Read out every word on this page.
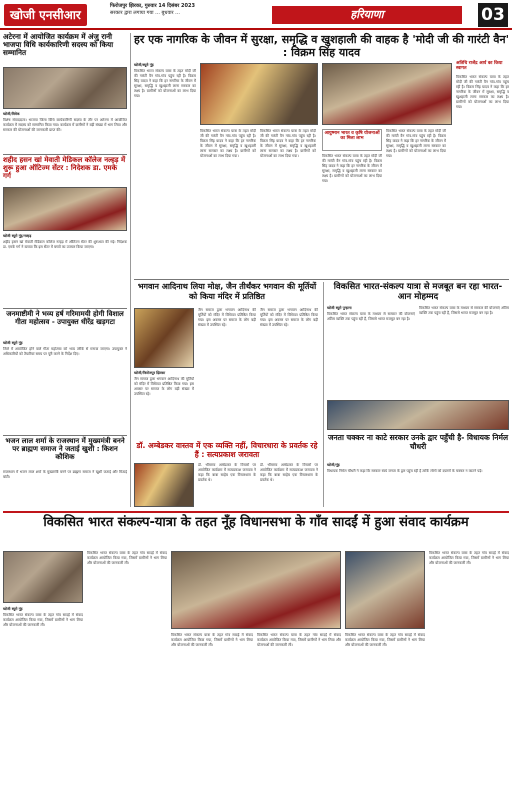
खोजी एनसीआर
फिरोजपुर झिरका, गुरुवार 14 दिसंबर 2023
सरकार द्वारा लगाया गया ... बुधवार ...	हरियाणा	03
अटेरना में आयोजित कार्यक्रम में अंजु रानी भाजपा विधि कार्यकारिणी सदस्य को किया सम्मानित
खोजी/विवेक
विशेष संवाददाता। भाजपा जिला विधि कार्यकारिणी सदस्य के तौर पर अटेरना में आयोजित कार्यक्रम में सदस्य को सम्मानित किया गया। कार्यक्रम में ग्रामीणों ने बड़ी संख्या में भाग लिया और सरकार की योजनाओं की जानकारी प्राप्त की।
शहीद हसन खां मेवाती मेडिकल कॉलेज नल्हड़ में शुरू हुआ ऑटिज्म सेंटर : निदेशक डा. एमके गर्ग
खोजी ब्यूरो नूंह/नल्हड़
शहीद हसन खां मेवाती मेडिकल कॉलेज नल्हड़ में ऑटिज्म सेंटर की शुरुआत की गई। निदेशक डा. एमके गर्ग ने बताया कि इस सेंटर में बच्चों का उपचार किया जाएगा।
जनमाष्टीमी ने भव्य हर्ष गरिमामयी होगी विशाल गीता महोत्सव - उपायुक्त धीरेंद्र खड़गटा
खोजी ब्यूरो नूंह
जिले में आयोजित होने वाले गीता महोत्सव को भव्य तरीके से मनाया जाएगा। उपायुक्त ने अधिकारियों को तैयारियां समय पर पूरी करने के निर्देश दिए।
भजन लाल शर्मा के राजस्थान में मुख्यमंत्री बनने पर ब्राह्मण समाज ने जताई खुशी : किशन कौशिक
राजस्थान में भजन लाल शर्मा के मुख्यमंत्री बनने पर ब्राह्मण समाज ने खुशी जताई और मिठाई बांटी।
हर एक नागरिक के जीवन में सुरक्षा, समृद्धि व खुशहाली की वाहक है 'मोदी जी की गारंटी वैन' : विक्रम सिंह यादव
खोजी/ब्यूरो नूंह
विकसित भारत संकल्प यात्रा के तहत मोदी जी की गारंटी वैन गांव-गांव पहुंच रही है। विक्रम सिंह यादव ने कहा कि हर नागरिक के जीवन में सुरक्षा, समृद्धि व खुशहाली लाना सरकार का लक्ष्य है। ग्रामीणों को योजनाओं का लाभ दिया गया।
विकसित भारत संकल्प यात्रा के तहत मोदी जी की गारंटी वैन गांव-गांव पहुंच रही है। विक्रम सिंह यादव ने कहा कि हर नागरिक के जीवन में सुरक्षा, समृद्धि व खुशहाली लाना सरकार का लक्ष्य है। ग्रामीणों को योजनाओं का लाभ दिया गया।
विकसित भारत संकल्प यात्रा के तहत मोदी जी की गारंटी वैन गांव-गांव पहुंच रही है। विक्रम सिंह यादव ने कहा कि हर नागरिक के जीवन में सुरक्षा, समृद्धि व खुशहाली लाना सरकार का लक्ष्य है। ग्रामीणों को योजनाओं का लाभ दिया गया।
आयुष्मान भारत व कृषि योजनाओं का मिला लाभ
विकसित भारत संकल्प यात्रा के तहत मोदी जी की गारंटी वैन गांव-गांव पहुंच रही है। विक्रम सिंह यादव ने कहा कि हर नागरिक के जीवन में सुरक्षा, समृद्धि व खुशहाली लाना सरकार का लक्ष्य है। ग्रामीणों को योजनाओं का लाभ दिया गया।
विकसित भारत संकल्प यात्रा के तहत मोदी जी की गारंटी वैन गांव-गांव पहुंच रही है। विक्रम सिंह यादव ने कहा कि हर नागरिक के जीवन में सुरक्षा, समृद्धि व खुशहाली लाना सरकार का लक्ष्य है। ग्रामीणों को योजनाओं का लाभ दिया गया।
अतिथि राजेंद्र आर्य का किया स्वागत
विकसित भारत संकल्प यात्रा के तहत मोदी जी की गारंटी वैन गांव-गांव पहुंच रही है। विक्रम सिंह यादव ने कहा कि हर नागरिक के जीवन में सुरक्षा, समृद्धि व खुशहाली लाना सरकार का लक्ष्य है। ग्रामीणों को योजनाओं का लाभ दिया गया।
भगवान आदिनाथ लिया मोक्ष, जैन तीर्थंकर भगवान की मूर्तियों को किया मंदिर में प्रतिष्ठित
खोजी/फिरोजपुर झिरका
जैन समाज द्वारा भगवान आदिनाथ की मूर्तियों को मंदिर में विधिवत प्रतिष्ठित किया गया। इस अवसर पर समाज के लोग बड़ी संख्या में उपस्थित रहे।
जैन समाज द्वारा भगवान आदिनाथ की मूर्तियों को मंदिर में विधिवत प्रतिष्ठित किया गया। इस अवसर पर समाज के लोग बड़ी संख्या में उपस्थित रहे।
जैन समाज द्वारा भगवान आदिनाथ की मूर्तियों को मंदिर में विधिवत प्रतिष्ठित किया गया। इस अवसर पर समाज के लोग बड़ी संख्या में उपस्थित रहे।
विकसित भारत-संकल्प यात्रा से मजबूत बन रहा भारत- आन मोहम्मद
खोजी ब्यूरो पुन्हाना
विकसित भारत संकल्प यात्रा के माध्यम से सरकार की योजनाएं अंतिम व्यक्ति तक पहुंच रही हैं, जिससे भारत मजबूत बन रहा है।
विकसित भारत संकल्प यात्रा के माध्यम से सरकार की योजनाएं अंतिम व्यक्ति तक पहुंच रही हैं, जिससे भारत मजबूत बन रहा है।
डॉ. अम्बेडकर वास्तव में एक व्यक्ति नहीं, विचारधारा के प्रवर्तक रहे हैं : सत्यप्रकाश जरावता
डॉ. भीमराव अम्बेडकर के विचारों पर आयोजित कार्यक्रम में सत्यप्रकाश जरावता ने कहा कि बाबा साहेब एक विचारधारा के प्रवर्तक थे।
डॉ. भीमराव अम्बेडकर के विचारों पर आयोजित कार्यक्रम में सत्यप्रकाश जरावता ने कहा कि बाबा साहेब एक विचारधारा के प्रवर्तक थे।
जनता चक्कर ना काटे सरकार उनके द्वार पहुँची है- विधायक निर्मल चौधरी
खोजी/नूंह
विधायक निर्मल चौधरी ने कहा कि सरकार स्वयं जनता के द्वार पहुंच रही है ताकि लोगों को दफ्तरों के चक्कर न काटने पड़ें।
विकसित भारत संकल्प-यात्रा के तहत नूँह विधानसभा के गाँव सादईं में हुआ संवाद कार्यक्रम
खोजी ब्यूरो नूंह
विकसित भारत संकल्प यात्रा के तहत गांव सादईं में संवाद कार्यक्रम आयोजित किया गया, जिसमें ग्रामीणों ने भाग लिया और योजनाओं की जानकारी ली।
विकसित भारत संकल्प यात्रा के तहत गांव सादईं में संवाद कार्यक्रम आयोजित किया गया, जिसमें ग्रामीणों ने भाग लिया और योजनाओं की जानकारी ली।
विकसित भारत संकल्प यात्रा के तहत गांव सादईं में संवाद कार्यक्रम आयोजित किया गया, जिसमें ग्रामीणों ने भाग लिया और योजनाओं की जानकारी ली।
विकसित भारत संकल्प यात्रा के तहत गांव सादईं में संवाद कार्यक्रम आयोजित किया गया, जिसमें ग्रामीणों ने भाग लिया और योजनाओं की जानकारी ली।
विकसित भारत संकल्प यात्रा के तहत गांव सादईं में संवाद कार्यक्रम आयोजित किया गया, जिसमें ग्रामीणों ने भाग लिया और योजनाओं की जानकारी ली।
विकसित भारत संकल्प यात्रा के तहत गांव सादईं में संवाद कार्यक्रम आयोजित किया गया, जिसमें ग्रामीणों ने भाग लिया और योजनाओं की जानकारी ली।
